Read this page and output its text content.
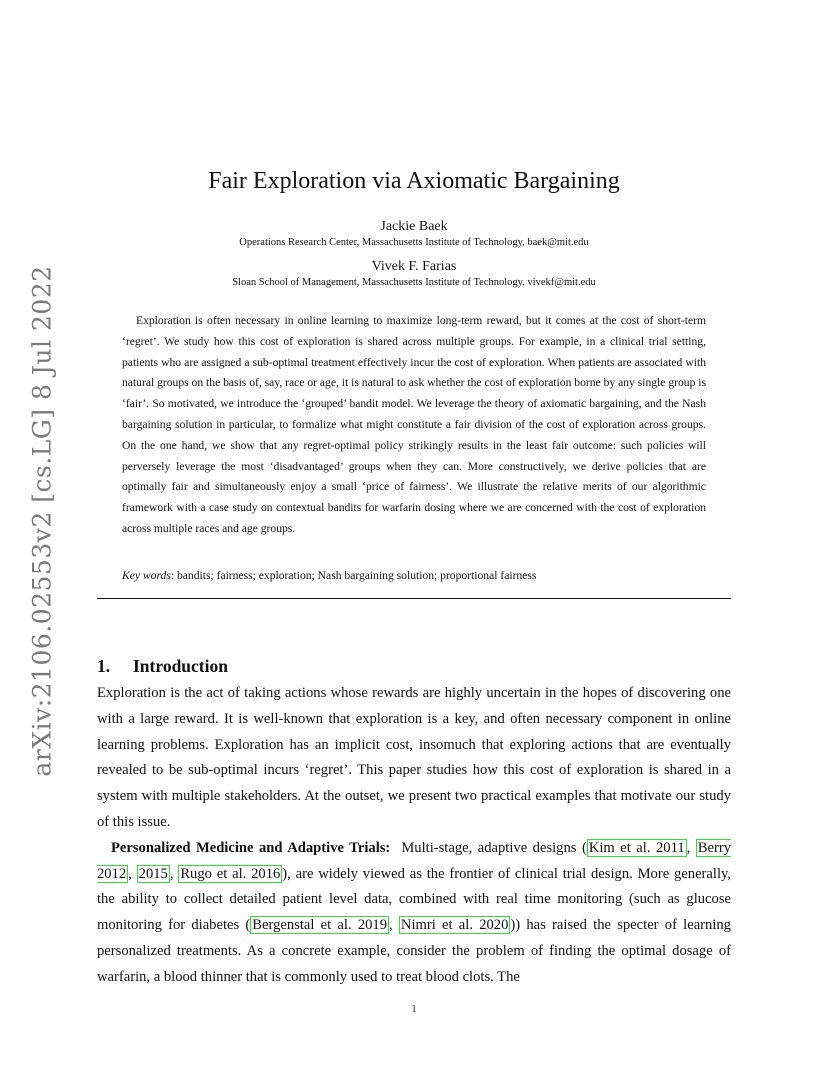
arXiv:2106.02553v2 [cs.LG] 8 Jul 2022
Fair Exploration via Axiomatic Bargaining
Jackie Baek
Operations Research Center, Massachusetts Institute of Technology, baek@mit.edu
Vivek F. Farias
Sloan School of Management, Massachusetts Institute of Technology, vivekf@mit.edu
Exploration is often necessary in online learning to maximize long-term reward, but it comes at the cost of short-term ‘regret’. We study how this cost of exploration is shared across multiple groups. For example, in a clinical trial setting, patients who are assigned a sub-optimal treatment effectively incur the cost of exploration. When patients are associated with natural groups on the basis of, say, race or age, it is natural to ask whether the cost of exploration borne by any single group is ‘fair’. So motivated, we introduce the ‘grouped’ bandit model. We leverage the theory of axiomatic bargaining, and the Nash bargaining solution in particular, to formalize what might constitute a fair division of the cost of exploration across groups. On the one hand, we show that any regret-optimal policy strikingly results in the least fair outcome: such policies will perversely leverage the most ‘disadvantaged’ groups when they can. More constructively, we derive policies that are optimally fair and simultaneously enjoy a small ‘price of fairness’. We illustrate the relative merits of our algorithmic framework with a case study on contextual bandits for warfarin dosing where we are concerned with the cost of exploration across multiple races and age groups.
Key words: bandits; fairness; exploration; Nash bargaining solution; proportional fairness
1. Introduction

Exploration is the act of taking actions whose rewards are highly uncertain in the hopes of discovering one with a large reward. It is well-known that exploration is a key, and often necessary component in online learning problems. Exploration has an implicit cost, insomuch that exploring actions that are eventually revealed to be sub-optimal incurs ‘regret’. This paper studies how this cost of exploration is shared in a system with multiple stakeholders. At the outset, we present two practical examples that motivate our study of this issue.

Personalized Medicine and Adaptive Trials: Multi-stage, adaptive designs ( Kim et al. 2011 , Berry 2012 , 2015 , Rugo et al. 2016 ), are widely viewed as the frontier of clinical trial design. More generally, the ability to collect detailed patient level data, combined with real time monitoring (such as glucose monitoring for diabetes ( Bergenstal et al. 2019 , Nimri et al. 2020 )) has raised the specter of learning personalized treatments. As a concrete example, consider the problem of finding the optimal dosage of warfarin, a blood thinner that is commonly used to treat blood clots. The

1
